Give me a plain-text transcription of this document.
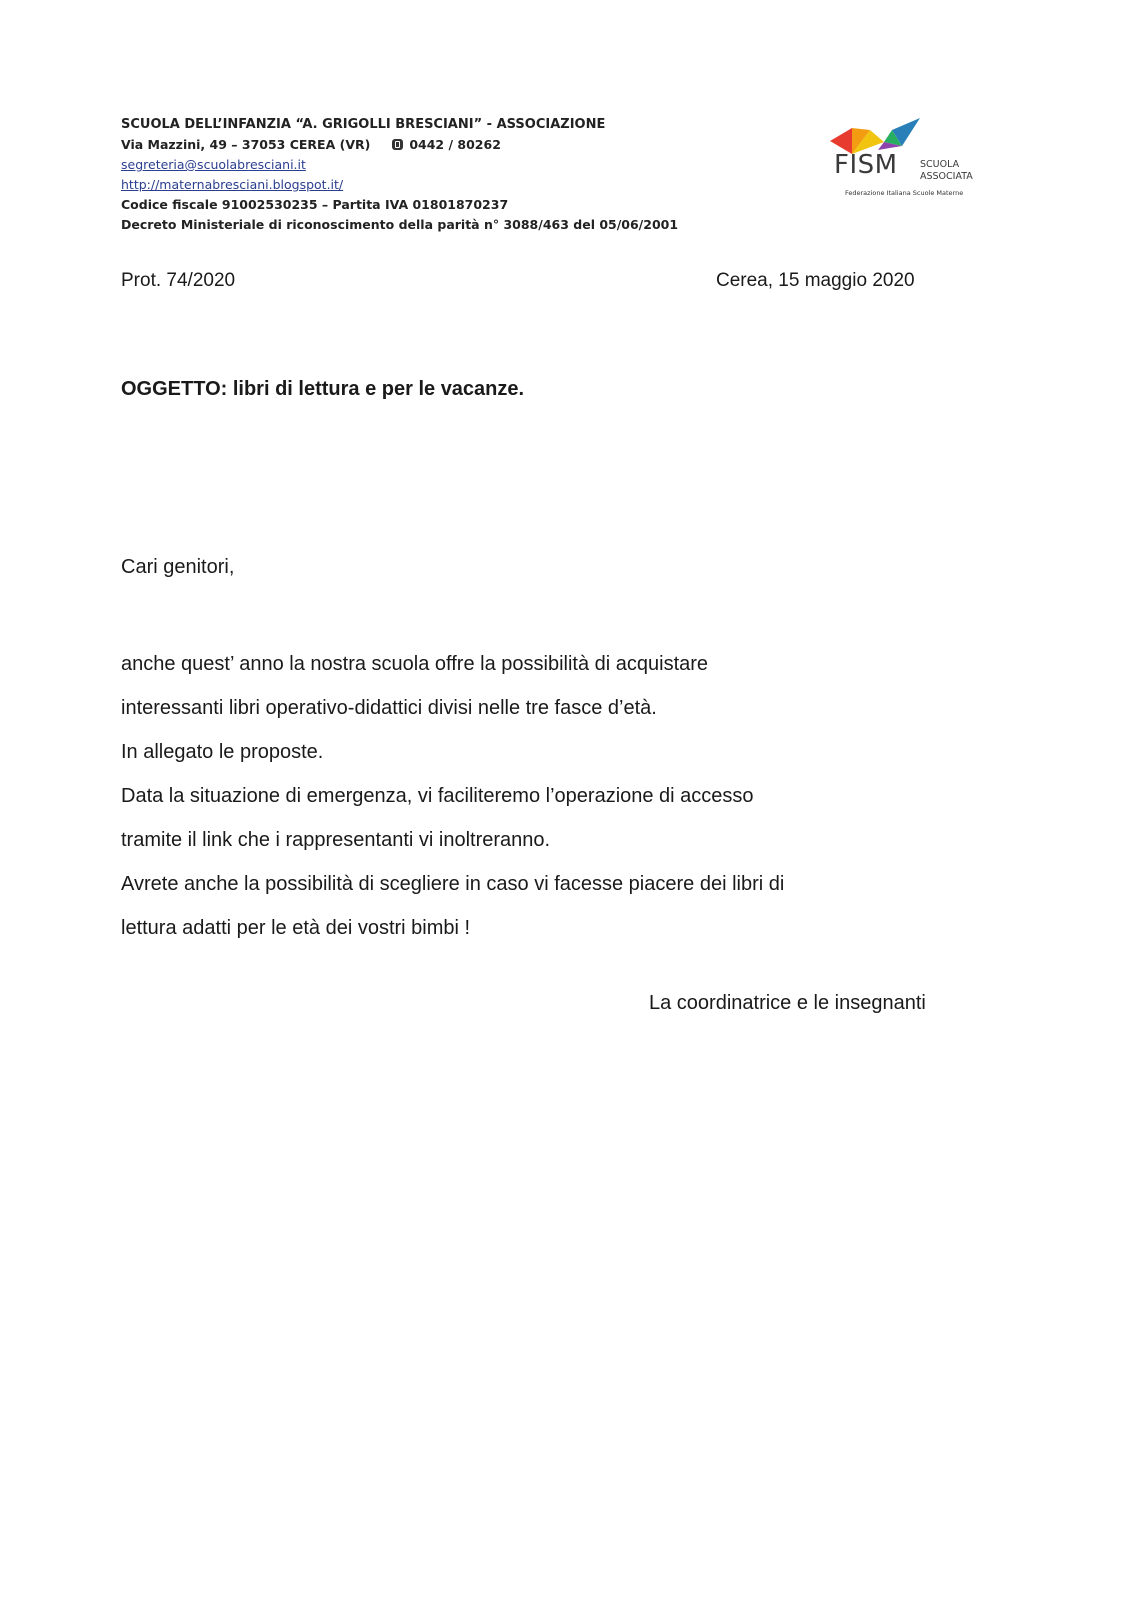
SCUOLA DELL’INFANZIA “A. GRIGOLLI BRESCIANI” - ASSOCIAZIONE
Via Mazzini, 49 – 37053 CEREA (VR)	0442 / 80262
segreteria@scuolabresciani.it
http://maternabresciani.blogspot.it/
Codice fiscale 91002530235 – Partita IVA 01801870237
Decreto Ministeriale di riconoscimento della parità n° 3088/463 del 05/06/2001
FISM SCUOLA
ASSOCIATA
Federazione Italiana Scuole Materne
Prot. 74/2020	Cerea, 15 maggio 2020
OGGETTO: libri di lettura e per le vacanze.
Cari genitori,
anche quest’ anno la nostra scuola offre la possibilità di acquistare
interessanti libri operativo-didattici divisi nelle tre fasce d’età.
In allegato le proposte.
Data la situazione di emergenza, vi faciliteremo l’operazione di accesso
tramite il link che i rappresentanti vi inoltreranno.
Avrete anche la possibilità di scegliere in caso vi facesse piacere dei libri di
lettura adatti per le età dei vostri bimbi !
La coordinatrice e le insegnanti
